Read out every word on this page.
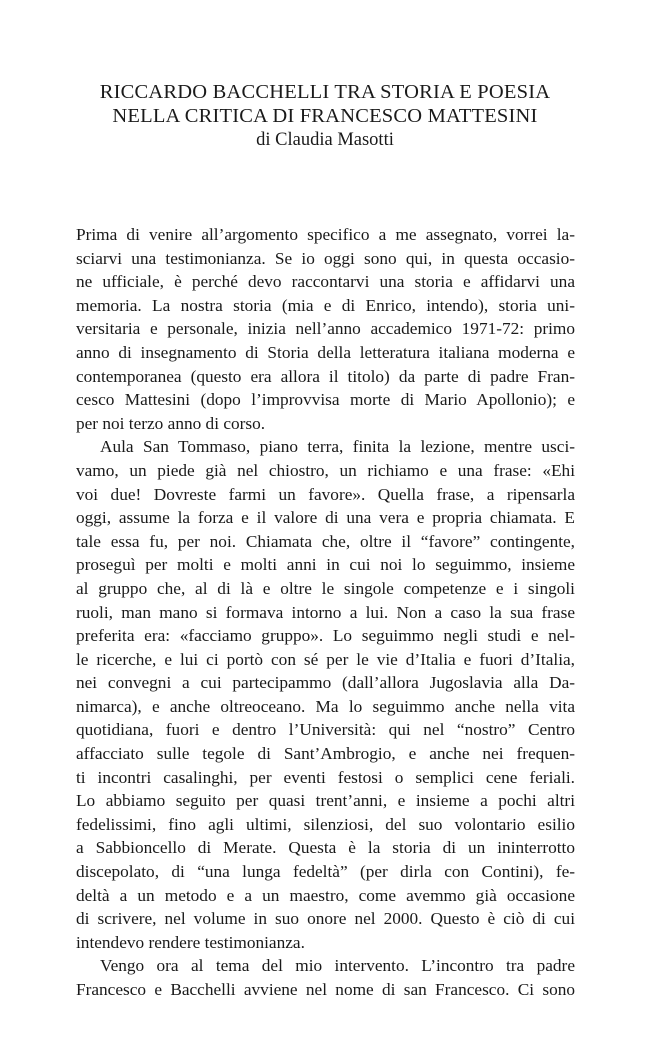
RICCARDO BACCHELLI TRA STORIA E POESIA
NELLA CRITICA DI FRANCESCO MATTESINI
di Claudia Masotti
Prima di venire all’argomento specifico a me assegnato, vorrei la-
sciarvi una testimonianza. Se io oggi sono qui, in questa occasio-
ne ufficiale, è perché devo raccontarvi una storia e affidarvi una
memoria. La nostra storia (mia e di Enrico, intendo), storia uni-
versitaria e personale, inizia nell’anno accademico 1971-72: primo
anno di insegnamento di Storia della letteratura italiana moderna e
contemporanea (questo era allora il titolo) da parte di padre Fran-
cesco Mattesini (dopo l’improvvisa morte di Mario Apollonio); e
per noi terzo anno di corso.
Aula San Tommaso, piano terra, finita la lezione, mentre usci-
vamo, un piede già nel chiostro, un richiamo e una frase: «Ehi
voi due! Dovreste farmi un favore». Quella frase, a ripensarla
oggi, assume la forza e il valore di una vera e propria chiamata. E
tale essa fu, per noi. Chiamata che, oltre il “favore” contingente,
proseguì per molti e molti anni in cui noi lo seguimmo, insieme
al gruppo che, al di là e oltre le singole competenze e i singoli
ruoli, man mano si formava intorno a lui. Non a caso la sua frase
preferita era: «facciamo gruppo». Lo seguimmo negli studi e nel-
le ricerche, e lui ci portò con sé per le vie d’Italia e fuori d’Italia,
nei convegni a cui partecipammo (dall’allora Jugoslavia alla Da-
nimarca), e anche oltreoceano. Ma lo seguimmo anche nella vita
quotidiana, fuori e dentro l’Università: qui nel “nostro” Centro
affacciato sulle tegole di Sant’Ambrogio, e anche nei frequen-
ti incontri casalinghi, per eventi festosi o semplici cene feriali.
Lo abbiamo seguito per quasi trent’anni, e insieme a pochi altri
fedelissimi, fino agli ultimi, silenziosi, del suo volontario esilio
a Sabbioncello di Merate. Questa è la storia di un ininterrotto
discepolato, di “una lunga fedeltà” (per dirla con Contini), fe-
deltà a un metodo e a un maestro, come avemmo già occasione
di scrivere, nel volume in suo onore nel 2000. Questo è ciò di cui
intendevo rendere testimonianza.
Vengo ora al tema del mio intervento. L’incontro tra padre
Francesco e Bacchelli avviene nel nome di san Francesco. Ci sono
